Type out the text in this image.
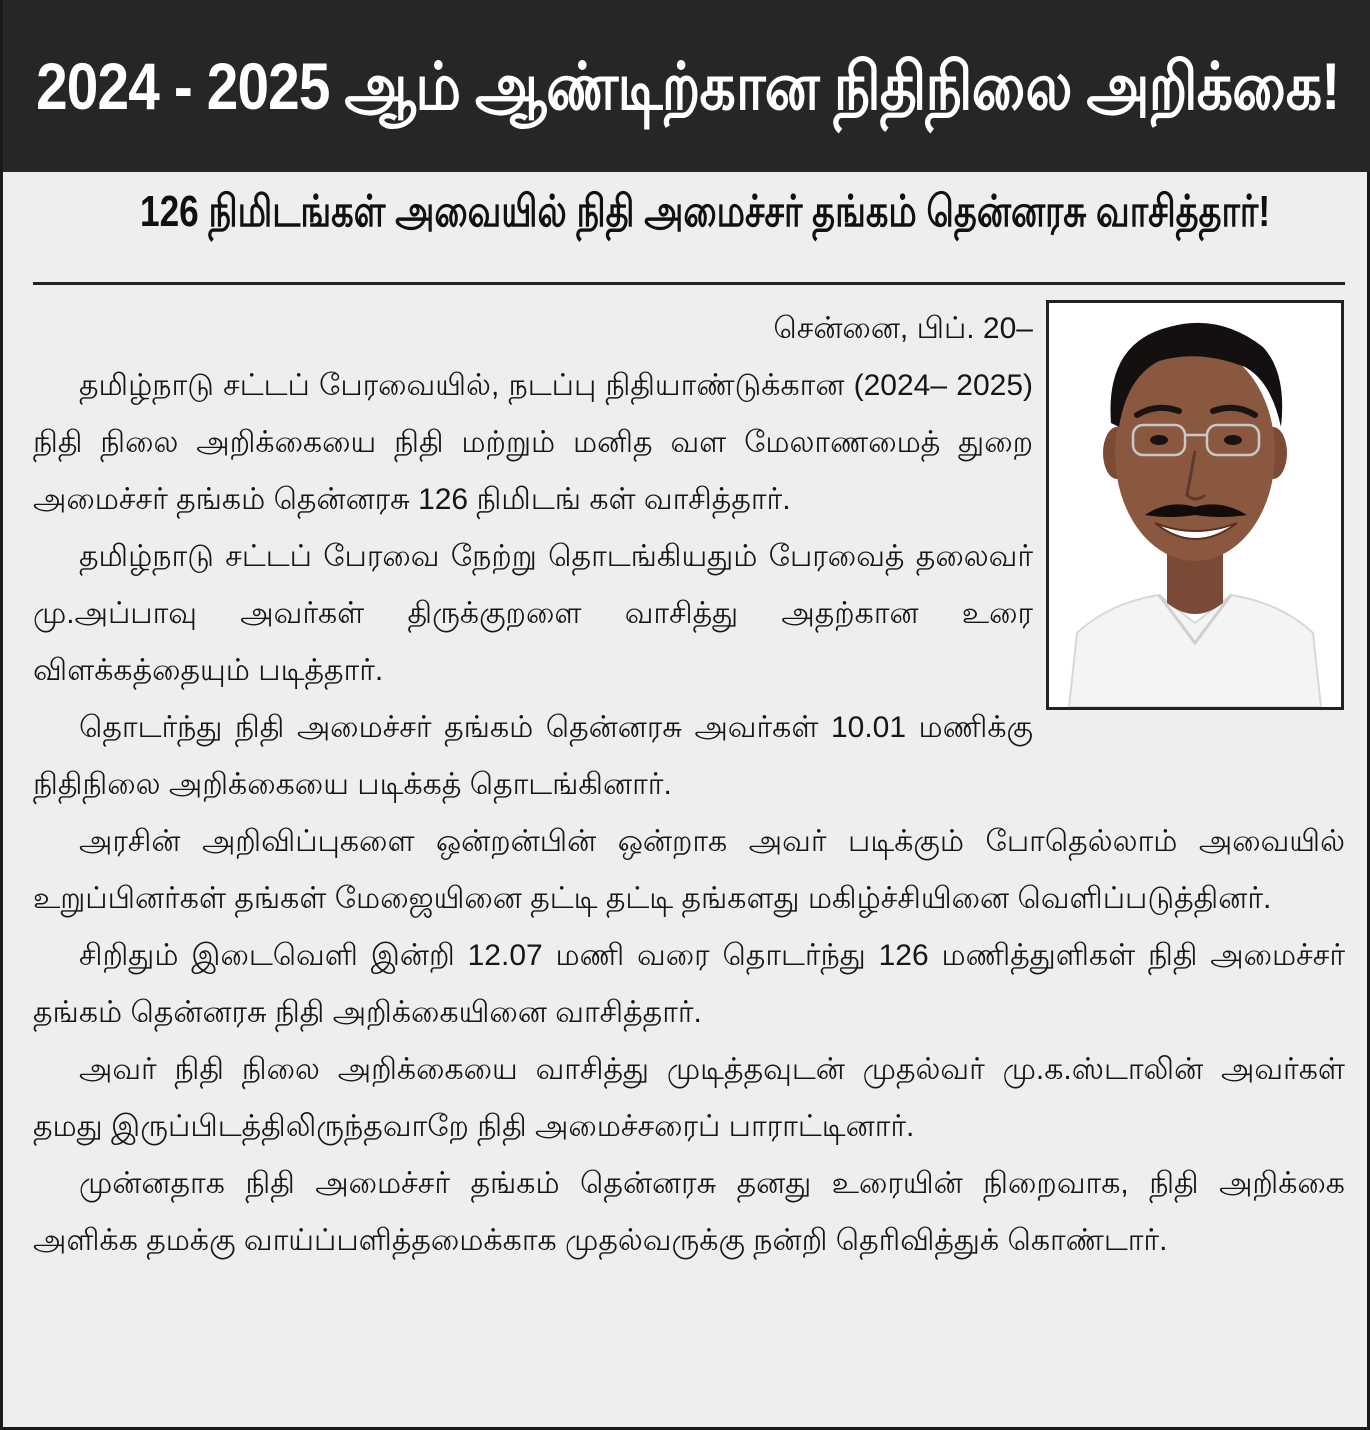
2024 - 2025 ஆம் ஆண்டிற்கான நிதிநிலை அறிக்கை!
126 நிமிடங்கள் அவையில் நிதி அமைச்சர் தங்கம் தென்னரசு வாசித்தார்!

சென்னை, பிப். 20–

தமிழ்நாடு சட்டப் பேரவையில், நடப்பு நிதியாண்டுக்கான (2024– 2025) நிதி நிலை அறிக்கையை நிதி மற்றும் மனித வள மேலாணமைத் துறை அமைச்சர் தங்கம் தென்னரசு 126 நிமிடங் கள் வாசித்தார்.

தமிழ்நாடு சட்டப் பேரவை நேற்று தொடங்கியதும் பேரவைத் தலைவர் மு.அப்பாவு அவர்கள் திருக்குறளை வாசித்து அதற்கான உரை விளக்கத்தையும் படித்தார்.

தொடர்ந்து நிதி அமைச்சர் தங்கம் தென்னரசு அவர்கள் 10.01 மணிக்கு நிதிநிலை அறிக்கையை படிக்கத் தொடங்கினார்.

அரசின் அறிவிப்புகளை ஒன்றன்பின் ஒன்றாக அவர் படிக்கும் போதெல்லாம் அவையில் உறுப்பினர்கள் தங்கள் மேஜையினை தட்டி தட்டி தங்களது மகிழ்ச்சியினை வெளிப்படுத்தினர்.

சிறிதும் இடைவெளி இன்றி 12.07 மணி வரை தொடர்ந்து 126 மணித்துளிகள் நிதி அமைச்சர் தங்கம் தென்னரசு நிதி அறிக்கையினை வாசித்தார்.

அவர் நிதி நிலை அறிக்கையை வாசித்து முடித்தவுடன் முதல்வர் மு.க.ஸ்டாலின் அவர்கள் தமது இருப்பிடத்திலிருந்தவாறே நிதி அமைச்சரைப் பாராட்டினார்.

முன்னதாக நிதி அமைச்சர் தங்கம் தென்னரசு தனது உரையின் நிறைவாக, நிதி அறிக்கை அளிக்க தமக்கு வாய்ப்பளித்தமைக்காக முதல்வருக்கு நன்றி தெரிவித்துக் கொண்டார்.
